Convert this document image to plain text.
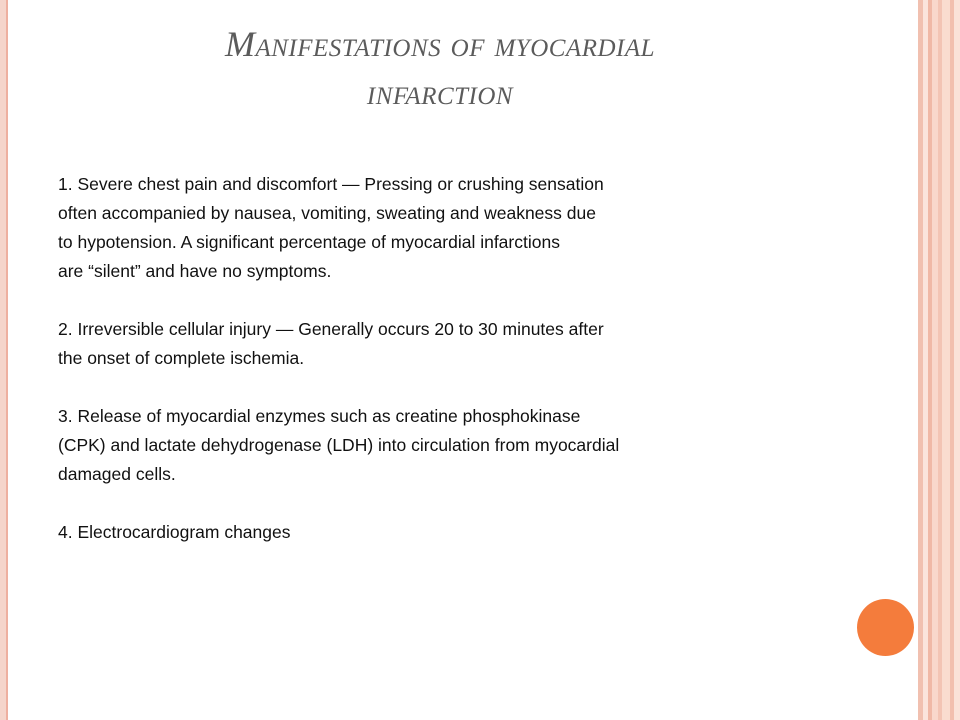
Manifestations of myocardial
infarction

1. Severe chest pain and discomfort — Pressing or crushing sensation
often accompanied by nausea, vomiting, sweating and weakness due
to hypotension. A significant percentage of myocardial infarctions
are “silent” and have no symptoms.

2. Irreversible cellular injury — Generally occurs 20 to 30 minutes after
the onset of complete ischemia.

3. Release of myocardial enzymes such as creatine phosphokinase
(CPK) and lactate dehydrogenase (LDH) into circulation from myocardial
damaged cells.

4. Electrocardiogram changes
